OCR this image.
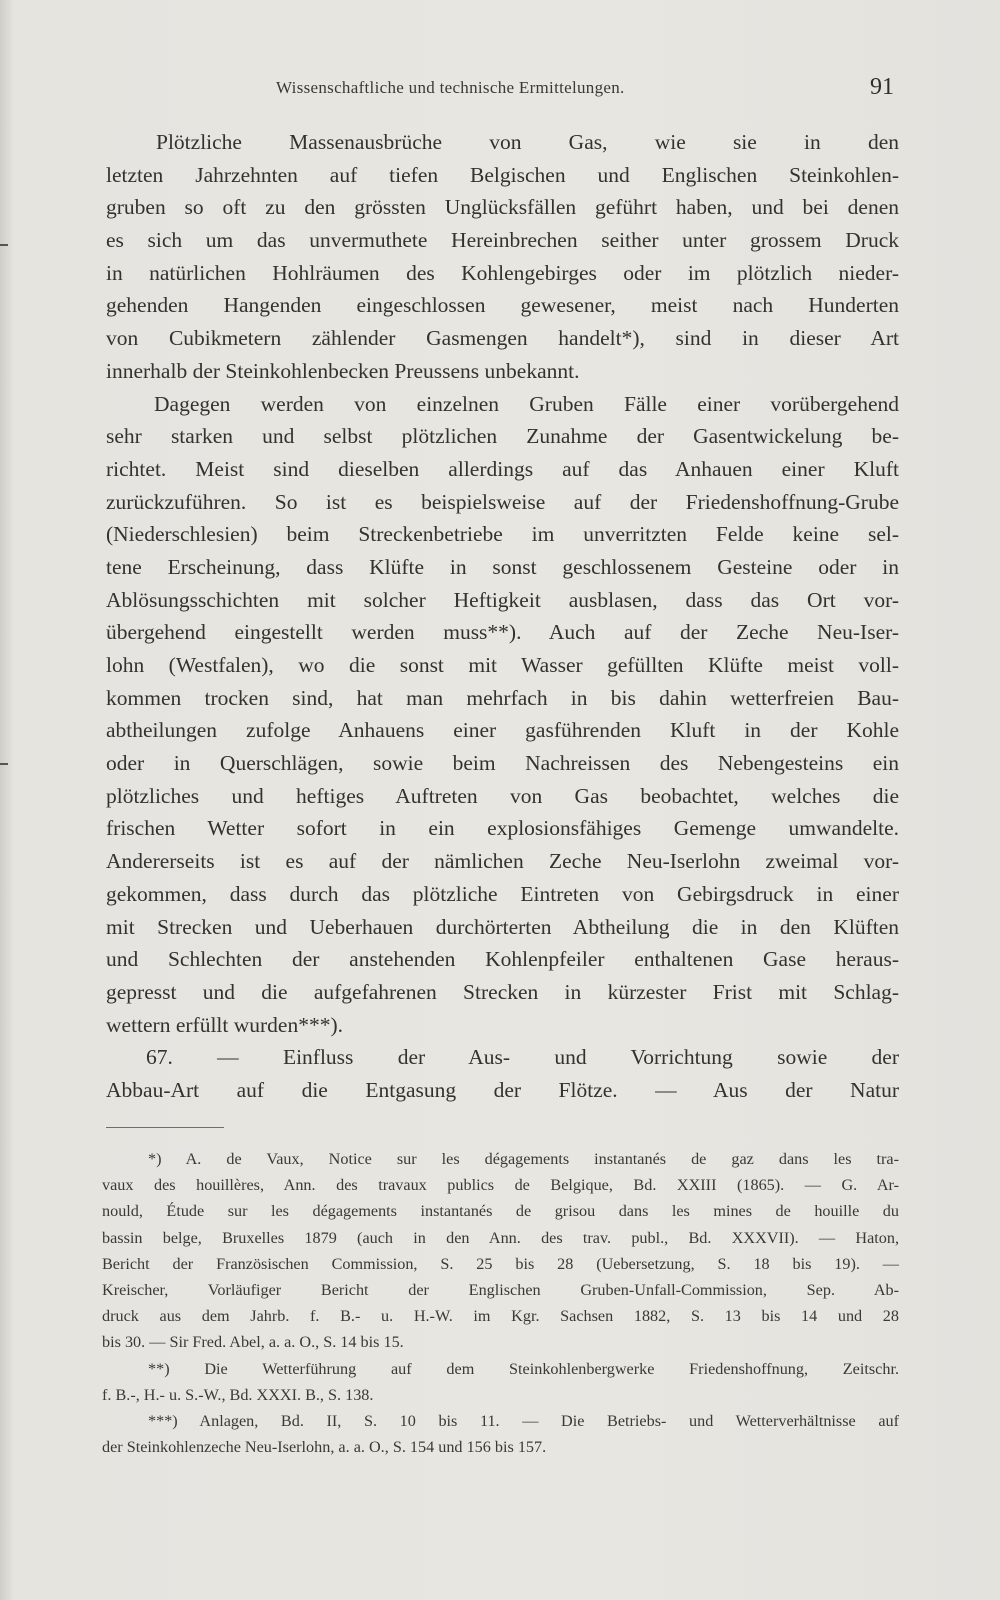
Wissenschaftliche und technische Ermittelungen.	91
Plötzliche Massenausbrüche von Gas, wie sie in den
letzten Jahrzehnten auf tiefen Belgischen und Englischen Steinkohlen-
gruben so oft zu den grössten Unglücksfällen geführt haben, und bei denen
es sich um das unvermuthete Hereinbrechen seither unter grossem Druck
in natürlichen Hohlräumen des Kohlengebirges oder im plötzlich nieder-
gehenden Hangenden eingeschlossen gewesener, meist nach Hunderten
von Cubikmetern zählender Gasmengen handelt*), sind in dieser Art
innerhalb der Steinkohlenbecken Preussens unbekannt.
Dagegen werden von einzelnen Gruben Fälle einer vorübergehend
sehr starken und selbst plötzlichen Zunahme der Gasentwickelung be-
richtet. Meist sind dieselben allerdings auf das Anhauen einer Kluft
zurückzuführen. So ist es beispielsweise auf der Friedenshoffnung-Grube
(Niederschlesien) beim Streckenbetriebe im unverritzten Felde keine sel-
tene Erscheinung, dass Klüfte in sonst geschlossenem Gesteine oder in
Ablösungsschichten mit solcher Heftigkeit ausblasen, dass das Ort vor-
übergehend eingestellt werden muss**). Auch auf der Zeche Neu-Iser-
lohn (Westfalen), wo die sonst mit Wasser gefüllten Klüfte meist voll-
kommen trocken sind, hat man mehrfach in bis dahin wetterfreien Bau-
abtheilungen zufolge Anhauens einer gasführenden Kluft in der Kohle
oder in Querschlägen, sowie beim Nachreissen des Nebengesteins ein
plötzliches und heftiges Auftreten von Gas beobachtet, welches die
frischen Wetter sofort in ein explosionsfähiges Gemenge umwandelte.
Andererseits ist es auf der nämlichen Zeche Neu-Iserlohn zweimal vor-
gekommen, dass durch das plötzliche Eintreten von Gebirgsdruck in einer
mit Strecken und Ueberhauen durchörterten Abtheilung die in den Klüften
und Schlechten der anstehenden Kohlenpfeiler enthaltenen Gase heraus-
gepresst und die aufgefahrenen Strecken in kürzester Frist mit Schlag-
wettern erfüllt wurden***).
67. — Einfluss der Aus- und Vorrichtung sowie der
Abbau-Art auf die Entgasung der Flötze. — Aus der Natur
*) A. de Vaux, Notice sur les dégagements instantanés de gaz dans les tra-
vaux des houillères, Ann. des travaux publics de Belgique, Bd. XXIII (1865). — G. Ar-
nould, Étude sur les dégagements instantanés de grisou dans les mines de houille du
bassin belge, Bruxelles 1879 (auch in den Ann. des trav. publ., Bd. XXXVII). — Haton,
Bericht der Französischen Commission, S. 25 bis 28 (Uebersetzung, S. 18 bis 19). —
Kreischer, Vorläufiger Bericht der Englischen Gruben-Unfall-Commission, Sep. Ab-
druck aus dem Jahrb. f. B.- u. H.-W. im Kgr. Sachsen 1882, S. 13 bis 14 und 28
bis 30. — Sir Fred. Abel, a. a. O., S. 14 bis 15.
**) Die Wetterführung auf dem Steinkohlenbergwerke Friedenshoffnung, Zeitschr.
f. B.-, H.- u. S.-W., Bd. XXXI. B., S. 138.
***) Anlagen, Bd. II, S. 10 bis 11. — Die Betriebs- und Wetterverhältnisse auf
der Steinkohlenzeche Neu-Iserlohn, a. a. O., S. 154 und 156 bis 157.
